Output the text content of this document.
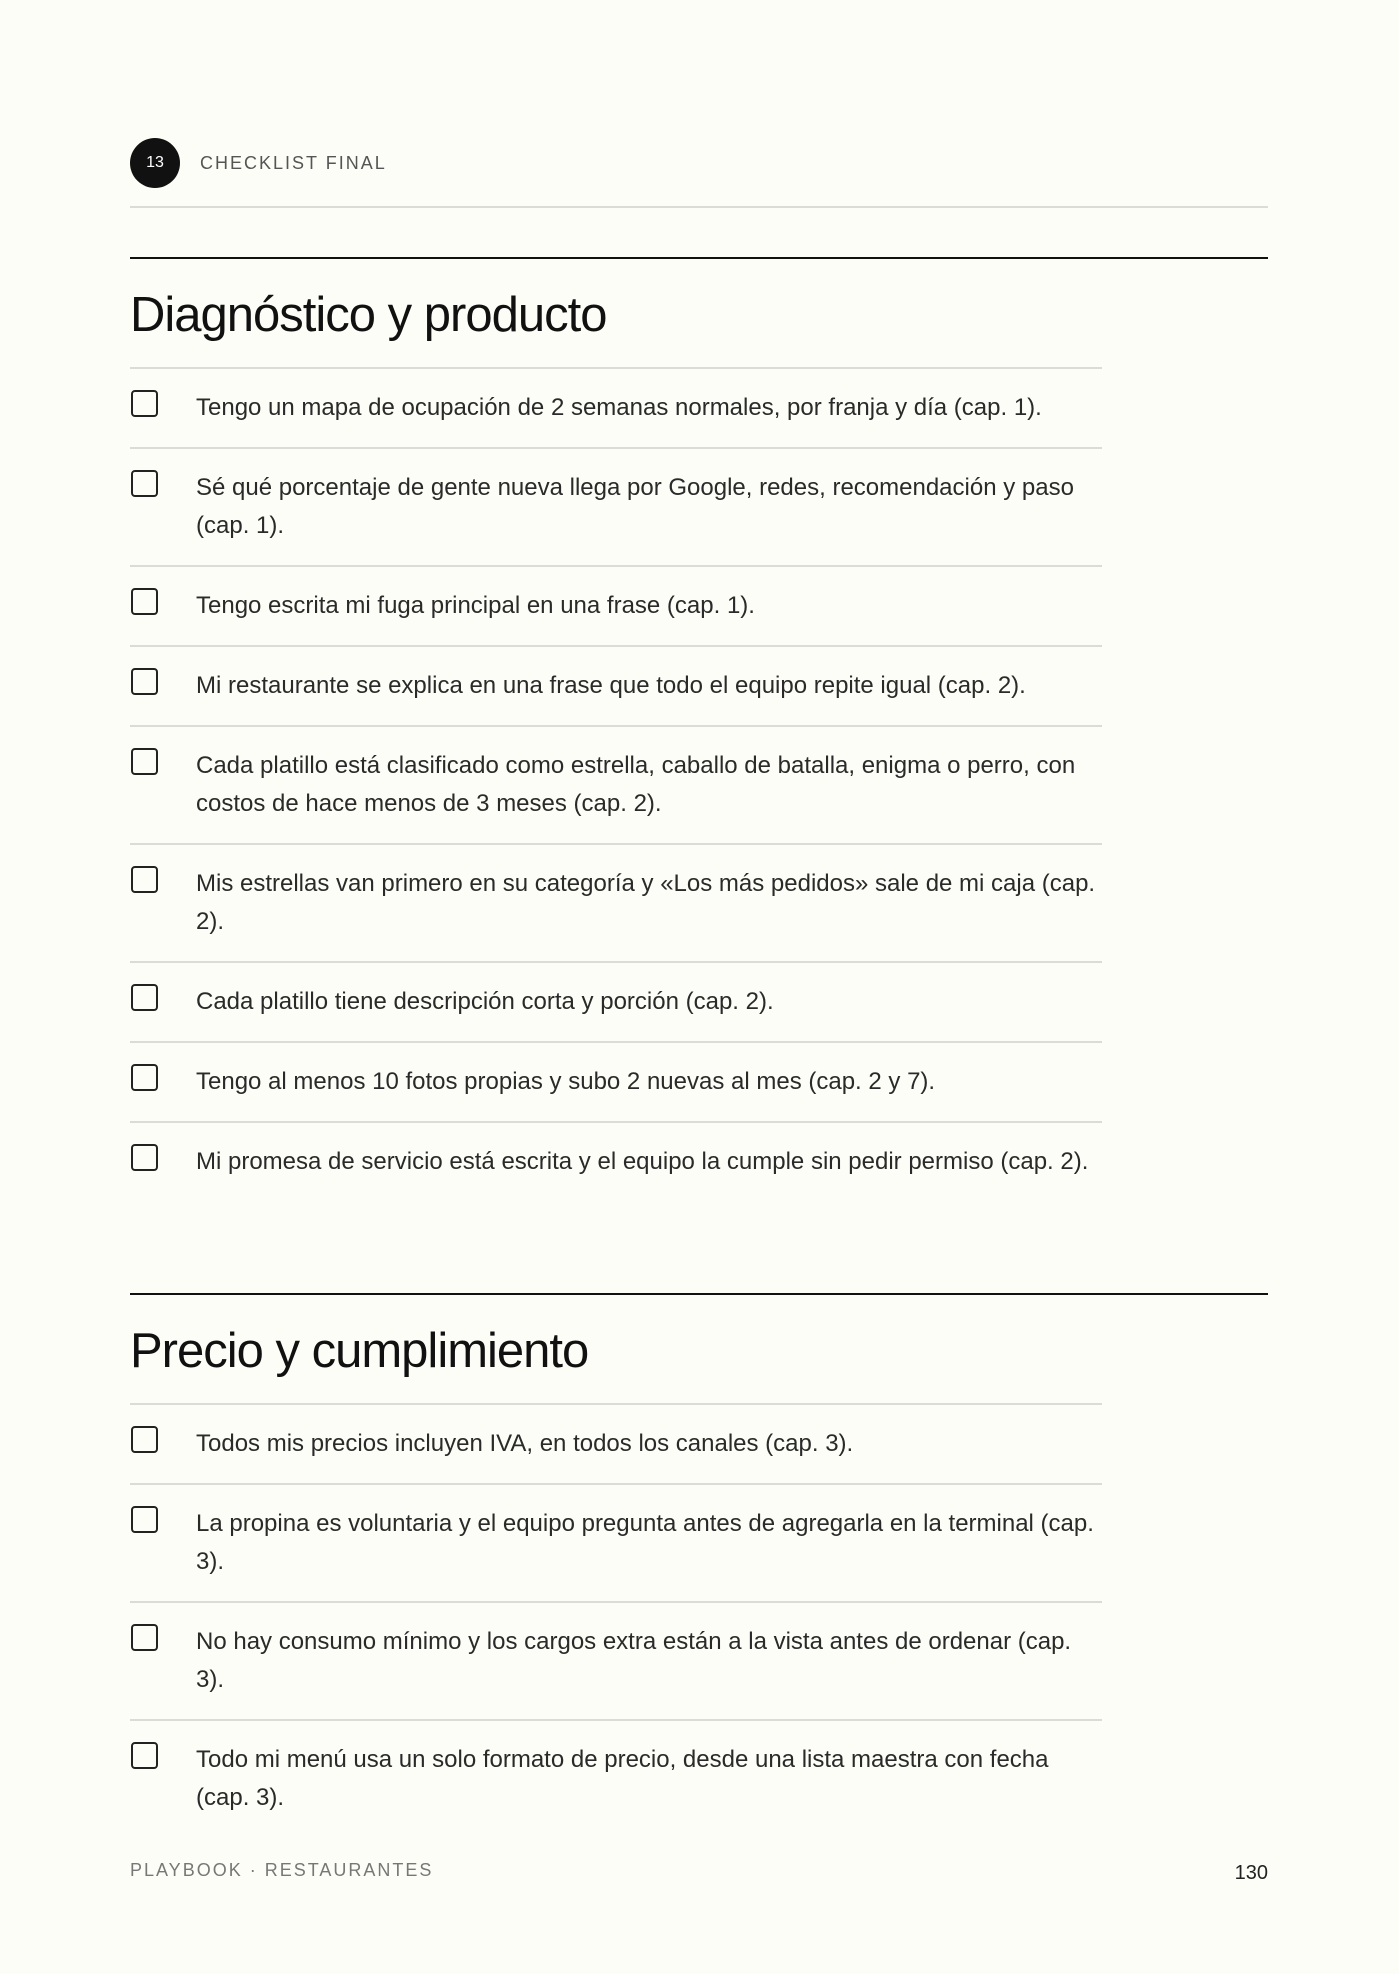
13	CHECKLIST FINAL
Diagnóstico y producto
Tengo un mapa de ocupación de 2 semanas normales, por franja y día (cap. 1).
Sé qué porcentaje de gente nueva llega por Google, redes, recomendación y paso (cap. 1).
Tengo escrita mi fuga principal en una frase (cap. 1).
Mi restaurante se explica en una frase que todo el equipo repite igual (cap. 2).
Cada platillo está clasificado como estrella, caballo de batalla, enigma o perro, con costos de hace menos de 3 meses (cap. 2).
Mis estrellas van primero en su categoría y «Los más pedidos» sale de mi caja (cap. 2).
Cada platillo tiene descripción corta y porción (cap. 2).
Tengo al menos 10 fotos propias y subo 2 nuevas al mes (cap. 2 y 7).
Mi promesa de servicio está escrita y el equipo la cumple sin pedir permiso (cap. 2).
Precio y cumplimiento
Todos mis precios incluyen IVA, en todos los canales (cap. 3).
La propina es voluntaria y el equipo pregunta antes de agregarla en la terminal (cap. 3).
No hay consumo mínimo y los cargos extra están a la vista antes de ordenar (cap. 3).
Todo mi menú usa un solo formato de precio, desde una lista maestra con fecha (cap. 3).
PLAYBOOK · RESTAURANTES	130
